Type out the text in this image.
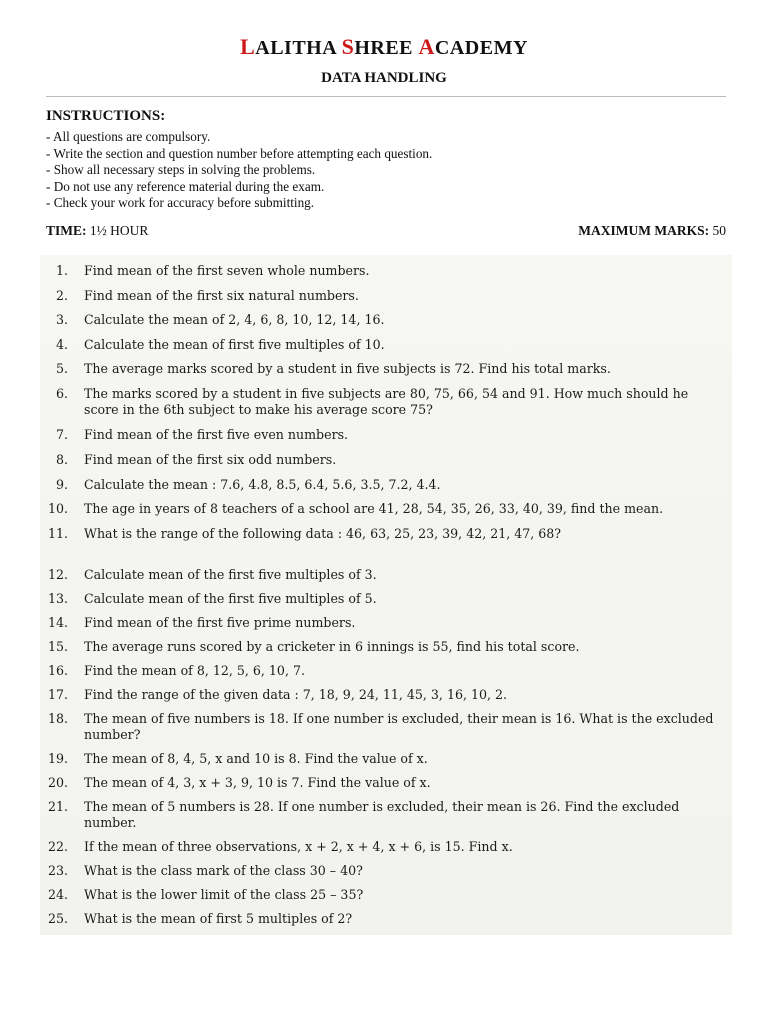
LALITHA SHREE ACADEMY
DATA HANDLING
INSTRUCTIONS:
- All questions are compulsory.
- Write the section and question number before attempting each question.
- Show all necessary steps in solving the problems.
- Do not use any reference material during the exam.
- Check your work for accuracy before submitting.
TIME: 1½ HOUR	MAXIMUM MARKS: 50
1. Find mean of the first seven whole numbers.
2. Find mean of the first six natural numbers.
3. Calculate the mean of 2, 4, 6, 8, 10, 12, 14, 16.
4. Calculate the mean of first five multiples of 10.
5. The average marks scored by a student in five subjects is 72. Find his total marks.
6. The marks scored by a student in five subjects are 80, 75, 66, 54 and 91. How much should he score in the 6th subject to make his average score 75?
7. Find mean of the first five even numbers.
8. Find mean of the first six odd numbers.
9. Calculate the mean : 7.6, 4.8, 8.5, 6.4, 5.6, 3.5, 7.2, 4.4.
10. The age in years of 8 teachers of a school are 41, 28, 54, 35, 26, 33, 40, 39, find the mean.
11. What is the range of the following data : 46, 63, 25, 23, 39, 42, 21, 47, 68?
12. Calculate mean of the first five multiples of 3.
13. Calculate mean of the first five multiples of 5.
14. Find mean of the first five prime numbers.
15. The average runs scored by a cricketer in 6 innings is 55, find his total score.
16. Find the mean of 8, 12, 5, 6, 10, 7.
17. Find the range of the given data : 7, 18, 9, 24, 11, 45, 3, 16, 10, 2.
18. The mean of five numbers is 18. If one number is excluded, their mean is 16. What is the excluded number?
19. The mean of 8, 4, 5, x and 10 is 8. Find the value of x.
20. The mean of 4, 3, x + 3, 9, 10 is 7. Find the value of x.
21. The mean of 5 numbers is 28. If one number is excluded, their mean is 26. Find the excluded number.
22. If the mean of three observations, x + 2, x + 4, x + 6, is 15. Find x.
23. What is the class mark of the class 30 – 40?
24. What is the lower limit of the class 25 – 35?
25. What is the mean of first 5 multiples of 2?
